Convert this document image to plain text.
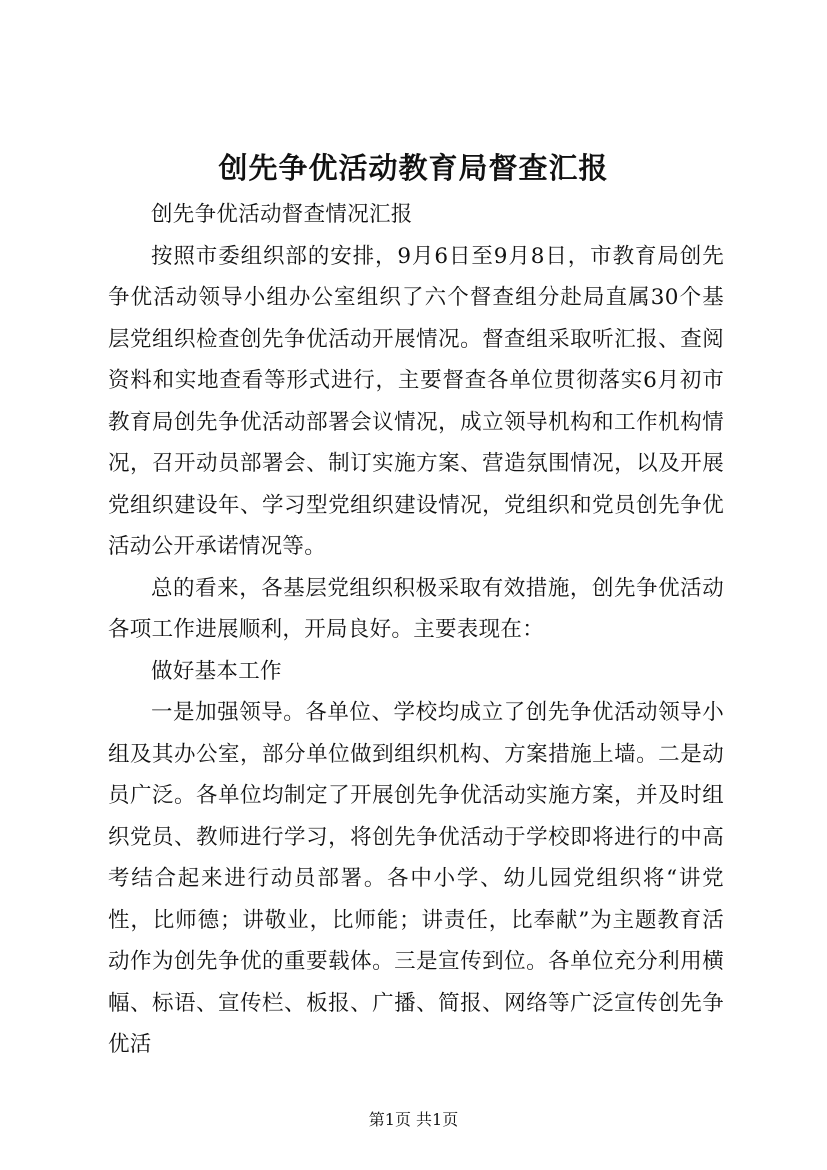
创先争优活动教育局督查汇报

创先争优活动督查情况汇报

按照市委组织部的安排，9月6日至9月8日，市教育局创先争优活动领导小组办公室组织了六个督查组分赴局直属30个基层党组织检查创先争优活动开展情况。督查组采取听汇报、查阅资料和实地查看等形式进行，主要督查各单位贯彻落实6月初市教育局创先争优活动部署会议情况，成立领导机构和工作机构情况，召开动员部署会、制订实施方案、营造氛围情况，以及开展党组织建设年、学习型党组织建设情况，党组织和党员创先争优活动公开承诺情况等。

总的看来，各基层党组织积极采取有效措施，创先争优活动各项工作进展顺利，开局良好。主要表现在：

做好基本工作

一是加强领导。各单位、学校均成立了创先争优活动领导小组及其办公室，部分单位做到组织机构、方案措施上墙。二是动员广泛。各单位均制定了开展创先争优活动实施方案，并及时组织党员、教师进行学习，将创先争优活动于学校即将进行的中高考结合起来进行动员部署。各中小学、幼儿园党组织将“讲党性，比师德；讲敬业，比师能；讲责任，比奉献”为主题教育活动作为创先争优的重要载体。三是宣传到位。各单位充分利用横幅、标语、宣传栏、板报、广播、简报、网络等广泛宣传创先争优活

第1页 共1页
